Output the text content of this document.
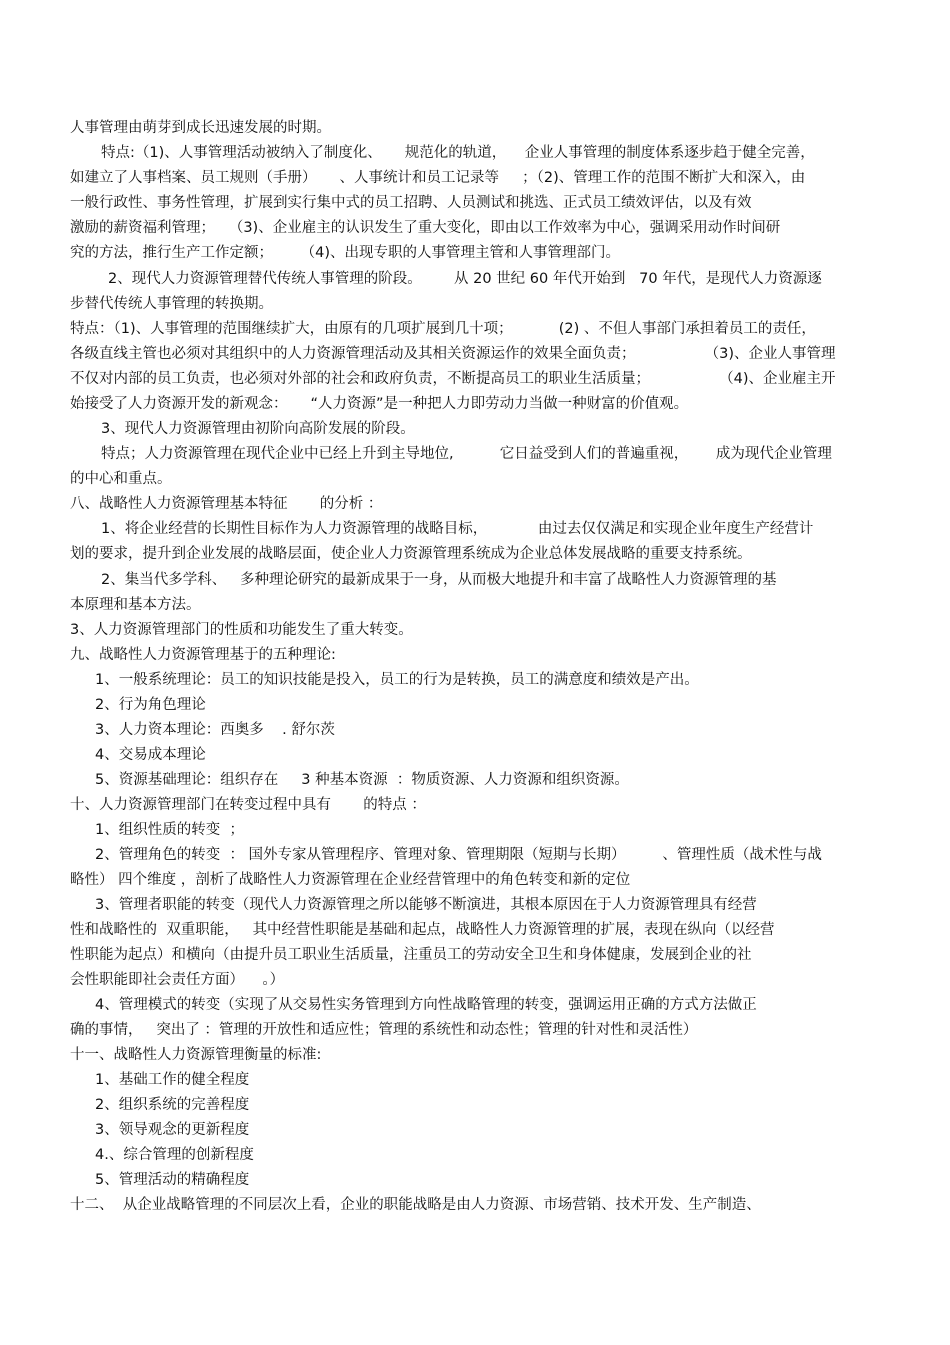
人事管理由萌芽到成长迅速发展的时期。
特点:（1)、人事管理活动被纳入了制度化、     规范化的轨道，    企业人事管理的制度体系逐步趋于健全完善，
如建立了人事档案、员工规则（手册）     、人事统计和员工记录等     ；（2)、管理工作的范围不断扩大和深入，由
一般行政性、事务性管理，扩展到实行集中式的员工招聘、人员测试和挑选、正式员工绩效评估，以及有效
激励的薪资福利管理；   （3)、企业雇主的认识发生了重大变化，即由以工作效率为中心，强调采用动作时间研
究的方法，推行生产工作定额；      （4)、出现专职的人事管理主管和人事管理部门。
2、现代人力资源管理替代传统人事管理的阶段。       从 20 世纪 60 年代开始到   70 年代，是现代人力资源逐
步替代传统人事管理的转换期。
特点：（1)、人事管理的范围继续扩大，由原有的几项扩展到几十项；          (2) 、不但人事部门承担着员工的责任，
各级直线主管也必须对其组织中的人力资源管理活动及其相关资源运作的效果全面负责；               （3)、企业人事管理
不仅对内部的员工负责，也必须对外部的社会和政府负责，不断提高员工的职业生活质量；               （4)、企业雇主开
始接受了人力资源开发的新观念：     “人力资源”是一种把人力即劳动力当做一种财富的价值观。
3、现代人力资源管理由初阶向高阶发展的阶段。
特点；人力资源管理在现代企业中已经上升到主导地位,          它日益受到人们的普遍重视，      成为现代企业管理
的中心和重点。
八、战略性人力资源管理基本特征       的分析 ：
1、将企业经营的长期性目标作为人力资源管理的战略目标，           由过去仅仅满足和实现企业年度生产经营计
划的要求，提升到企业发展的战略层面，使企业人力资源管理系统成为企业总体发展战略的重要支持系统。
2、集当代多学科、   多种理论研究的最新成果于一身，从而极大地提升和丰富了战略性人力资源管理的基
本原理和基本方法。
3、人力资源管理部门的性质和功能发生了重大转变。
九、战略性人力资源管理基于的五种理论:
1、一般系统理论：员工的知识技能是投入，员工的行为是转换，员工的满意度和绩效是产出。
2、行为角色理论
3、人力资本理论：西奥多    . 舒尔茨
4、交易成本理论
5、资源基础理论：组织存在     3 种基本资源  ：物质资源、人力资源和组织资源。
十、人力资源管理部门在转变过程中具有       的特点 ：
1、组织性质的转变  ；
2、管理角色的转变  ： 国外专家从管理程序、管理对象、管理期限（短期与长期）        、管理性质（战术性与战
略性） 四个维度 ，剖析了战略性人力资源管理在企业经营管理中的角色转变和新的定位
3、管理者职能的转变（现代人力资源管理之所以能够不断演进，其根本原因在于人力资源管理具有经营
性和战略性的  双重职能，   其中经营性职能是基础和起点，战略性人力资源管理的扩展，表现在纵向（以经营
性职能为起点）和横向（由提升员工职业生活质量，注重员工的劳动安全卫生和身体健康，发展到企业的社
会性职能即社会责任方面）    。）
4、管理模式的转变（实现了从交易性实务管理到方向性战略管理的转变，强调运用正确的方式方法做正
确的事情，   突出了 ：管理的开放性和适应性；管理的系统性和动态性；管理的针对性和灵活性）
十一、战略性人力资源管理衡量的标准:
1、基础工作的健全程度
2、组织系统的完善程度
3、领导观念的更新程度
4.、综合管理的创新程度
5、管理活动的精确程度
十二、  从企业战略管理的不同层次上看，企业的职能战略是由人力资源、市场营销、技术开发、生产制造、
